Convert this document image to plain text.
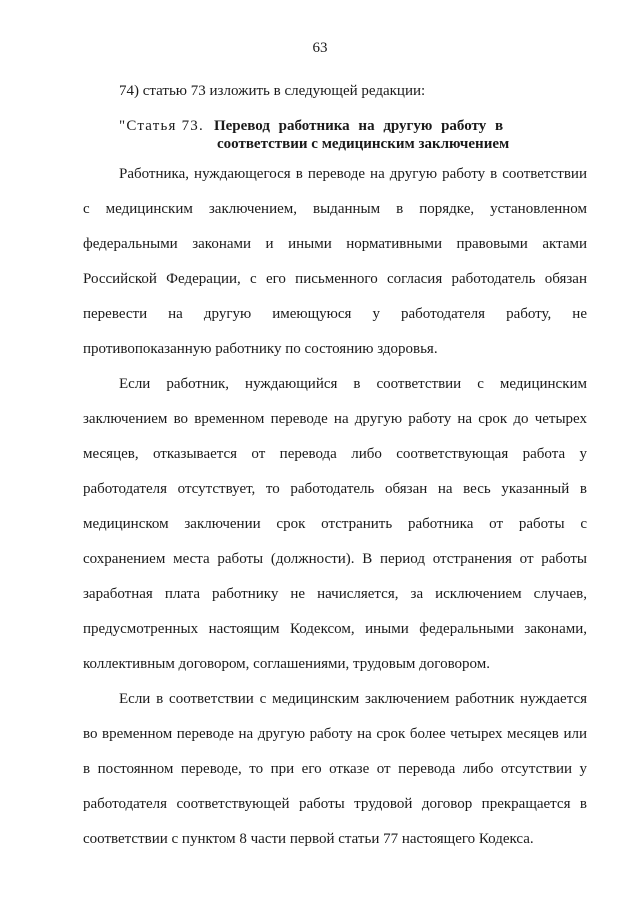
63
74) статью 73 изложить в следующей редакции:
"Статья 73. Перевод работника на другую работу в
соответствии с медицинским заключением
Работника, нуждающегося в переводе на другую работу в соответствии
с медицинским заключением, выданным в порядке, установленном
федеральными законами и иными нормативными правовыми актами
Российской Федерации, с его письменного согласия работодатель обязан
перевести на другую имеющуюся у работодателя работу, не
противопоказанную работнику по состоянию здоровья.
Если работник, нуждающийся в соответствии с медицинским
заключением во временном переводе на другую работу на срок до четырех
месяцев, отказывается от перевода либо соответствующая работа у
работодателя отсутствует, то работодатель обязан на весь указанный в
медицинском заключении срок отстранить работника от работы с
сохранением места работы (должности). В период отстранения от работы
заработная плата работнику не начисляется, за исключением случаев,
предусмотренных настоящим Кодексом, иными федеральными законами,
коллективным договором, соглашениями, трудовым договором.
Если в соответствии с медицинским заключением работник нуждается
во временном переводе на другую работу на срок более четырех месяцев или
в постоянном переводе, то при его отказе от перевода либо отсутствии у
работодателя соответствующей работы трудовой договор прекращается в
соответствии с пунктом 8 части первой статьи 77 настоящего Кодекса.
